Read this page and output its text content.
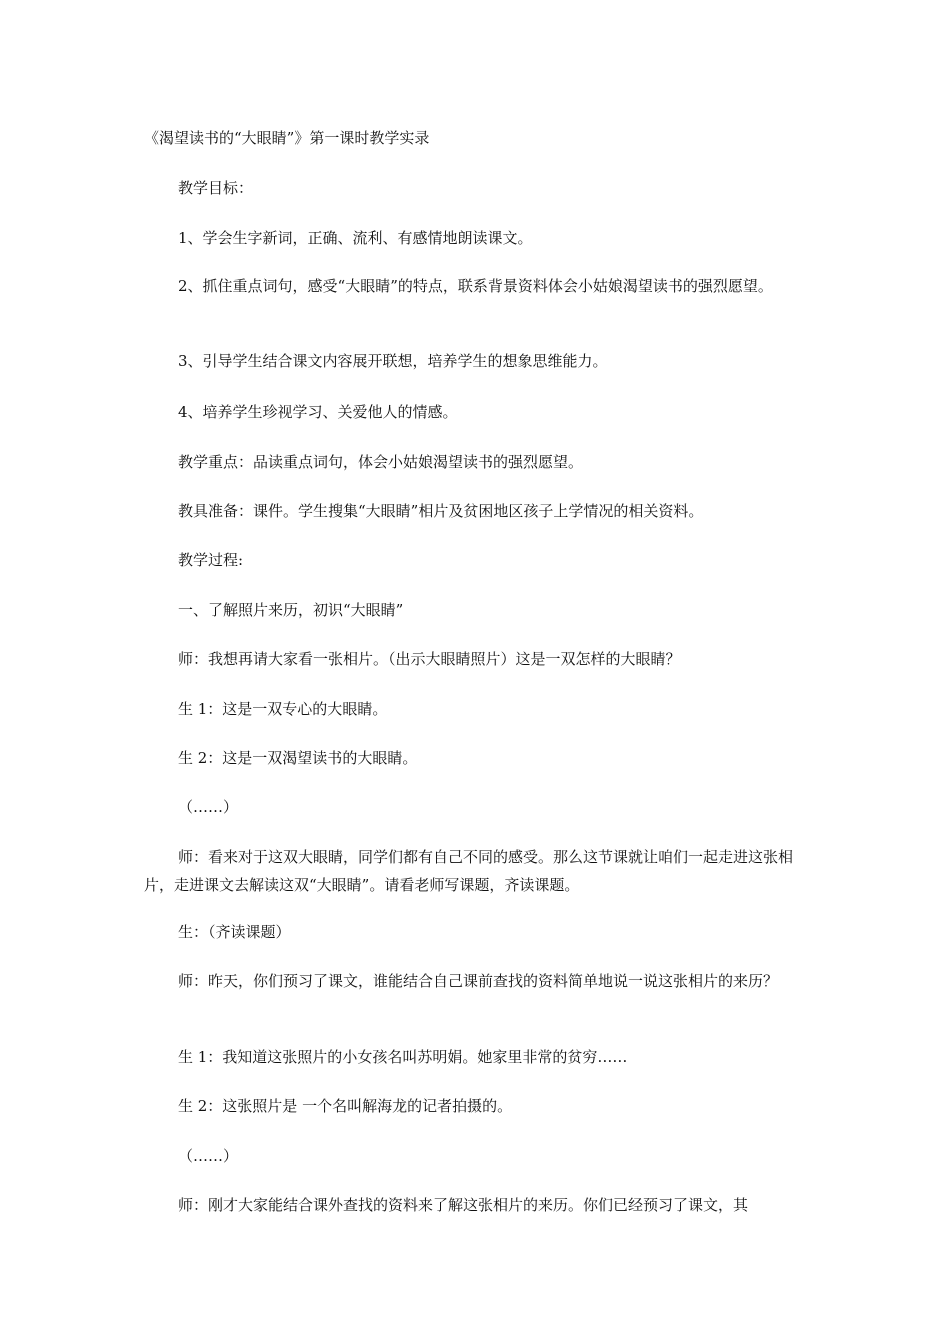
《渴望读书的“大眼睛”》第一课时教学实录

教学目标：

1、学会生字新词，正确、流利、有感情地朗读课文。

2、抓住重点词句，感受“大眼睛”的特点，联系背景资料体会小姑娘渴望读书的强烈愿望。

3、引导学生结合课文内容展开联想，培养学生的想象思维能力。

4、培养学生珍视学习、关爱他人的情感。

教学重点：品读重点词句，体会小姑娘渴望读书的强烈愿望。

教具准备：课件。学生搜集“大眼睛”相片及贫困地区孩子上学情况的相关资料。

教学过程:

一、了解照片来历，初识“大眼睛”

师：我想再请大家看一张相片。（出示大眼睛照片）这是一双怎样的大眼睛？

生 1：这是一双专心的大眼睛。

生 2：这是一双渴望读书的大眼睛。

（……）

师：看来对于这双大眼睛，同学们都有自己不同的感受。那么这节课就让咱们一起走进这张相片，走进课文去解读这双“大眼睛”。请看老师写课题，齐读课题。

生：（齐读课题）

师：昨天，你们预习了课文，谁能结合自己课前查找的资料简单地说一说这张相片的来历？

生 1：我知道这张照片的小女孩名叫苏明娟。她家里非常的贫穷……

生 2：这张照片是 一个名叫解海龙的记者拍摄的。

（……）

师：刚才大家能结合课外查找的资料来了解这张相片的来历。你们已经预习了课文，其
